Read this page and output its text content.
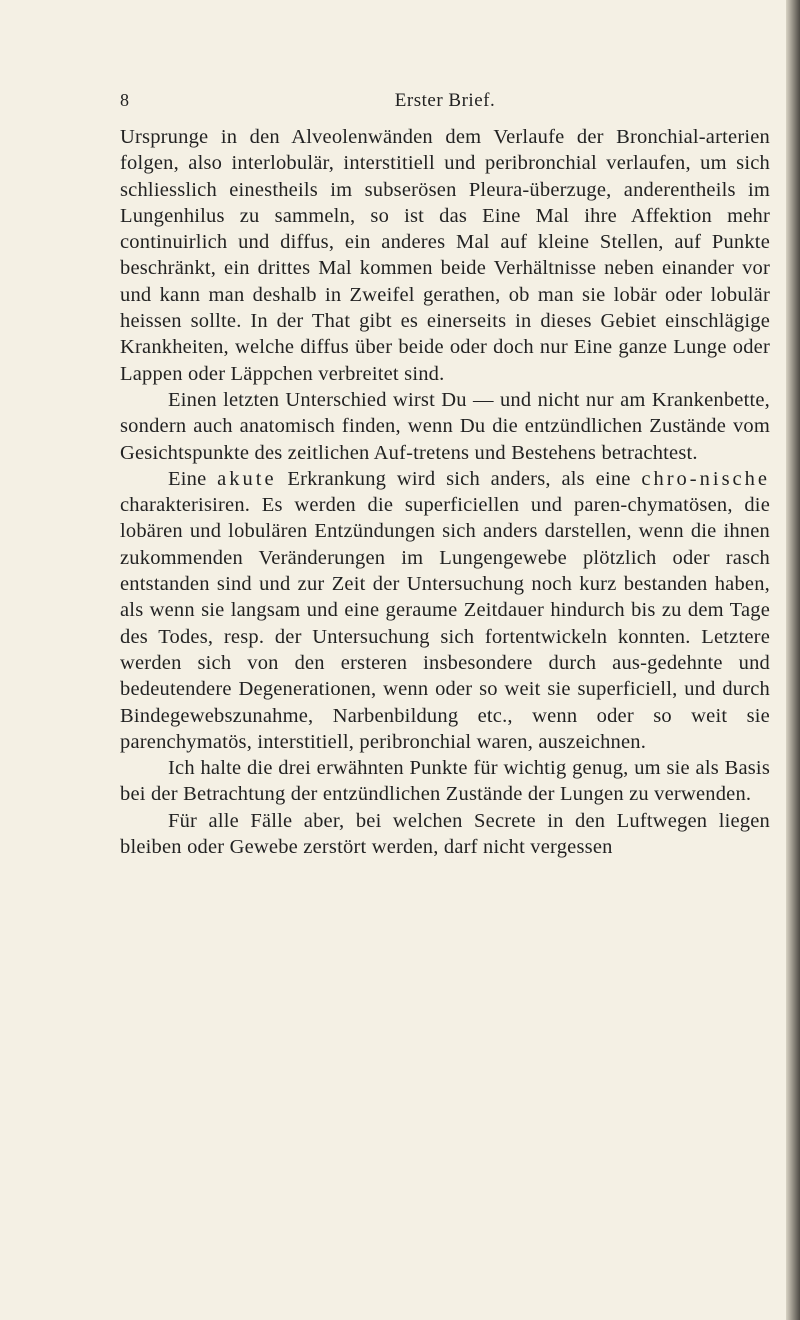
8	Erster Brief.

Ursprunge in den Alveolenwänden dem Verlaufe der Bronchial-arterien folgen, also interlobulär, interstitiell und peribronchial verlaufen, um sich schliesslich einestheils im subserösen Pleura-überzuge, anderentheils im Lungenhilus zu sammeln, so ist das Eine Mal ihre Affektion mehr continuirlich und diffus, ein anderes Mal auf kleine Stellen, auf Punkte beschränkt, ein drittes Mal kommen beide Verhältnisse neben einander vor und kann man deshalb in Zweifel gerathen, ob man sie lobär oder lobulär heissen sollte. In der That gibt es einerseits in dieses Gebiet einschlägige Krankheiten, welche diffus über beide oder doch nur Eine ganze Lunge oder Lappen oder Läppchen verbreitet sind.

Einen letzten Unterschied wirst Du — und nicht nur am Krankenbette, sondern auch anatomisch finden, wenn Du die entzündlichen Zustände vom Gesichtspunkte des zeitlichen Auf-tretens und Bestehens betrachtest.

Eine akute Erkrankung wird sich anders, als eine chro-nische charakterisiren. Es werden die superficiellen und paren-chymatösen, die lobären und lobulären Entzündungen sich anders darstellen, wenn die ihnen zukommenden Veränderungen im Lungengewebe plötzlich oder rasch entstanden sind und zur Zeit der Untersuchung noch kurz bestanden haben, als wenn sie langsam und eine geraume Zeitdauer hindurch bis zu dem Tage des Todes, resp. der Untersuchung sich fortentwickeln konnten. Letztere werden sich von den ersteren insbesondere durch aus-gedehnte und bedeutendere Degenerationen, wenn oder so weit sie superficiell, und durch Bindegewebszunahme, Narbenbildung etc., wenn oder so weit sie parenchymatös, interstitiell, peribronchial waren, auszeichnen.

Ich halte die drei erwähnten Punkte für wichtig genug, um sie als Basis bei der Betrachtung der entzündlichen Zustände der Lungen zu verwenden.

Für alle Fälle aber, bei welchen Secrete in den Luftwegen liegen bleiben oder Gewebe zerstört werden, darf nicht vergessen
